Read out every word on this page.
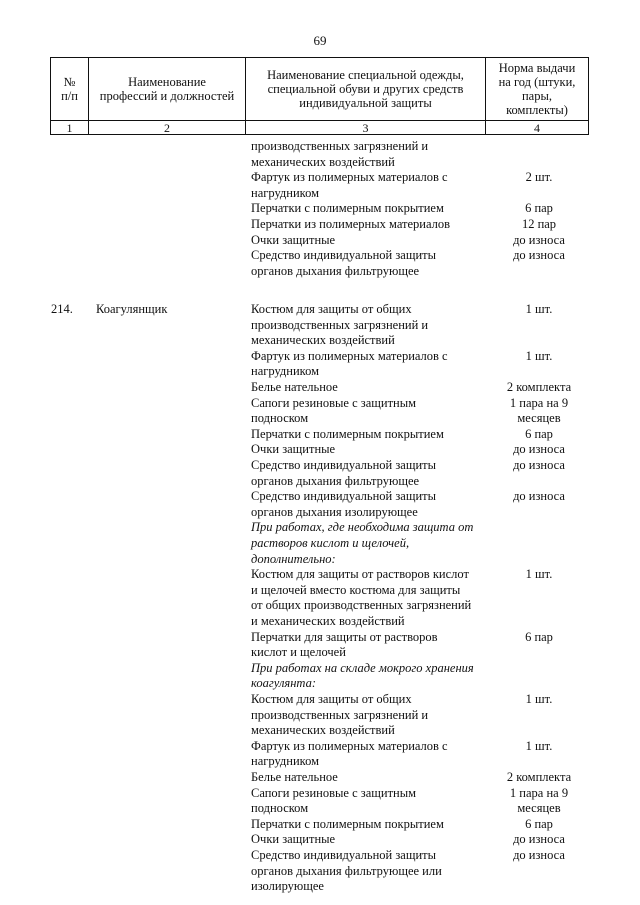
69
№
п/п	Наименование
профессий и должностей	Наименование специальной одежды,
специальной обуви и других средств
индивидуальной защиты	Норма выдачи
на год (штуки,
пары,
комплекты)

1	2	3	4
производственных загрязнений и
механических воздействий
Фартук из полимерных материалов с	2 шт.
нагрудником
Перчатки с полимерным покрытием	6 пар
Перчатки из полимерных материалов	12 пар
Очки защитные	до износа
Средство индивидуальной защиты	до износа
органов дыхания фильтрующее
214.	Коагулянщик	Костюм для защиты от общих	1 шт.
производственных загрязнений и
механических воздействий
Фартук из полимерных материалов с	1 шт.
нагрудником
Белье нательное	2 комплекта
Сапоги резиновые с защитным	1 пара на 9
подноском	месяцев
Перчатки с полимерным покрытием	6 пар
Очки защитные	до износа
Средство индивидуальной защиты	до износа
органов дыхания фильтрующее
Средство индивидуальной защиты	до износа
органов дыхания изолирующее
При работах, где необходима защита от
растворов кислот и щелочей,
дополнительно:
Костюм для защиты от растворов кислот	1 шт.
и щелочей вместо костюма для защиты
от общих производственных загрязнений
и механических воздействий
Перчатки для защиты от растворов	6 пар
кислот и щелочей
При работах на складе мокрого хранения
коагулянта:
Костюм для защиты от общих	1 шт.
производственных загрязнений и
механических воздействий
Фартук из полимерных материалов с	1 шт.
нагрудником
Белье нательное	2 комплекта
Сапоги резиновые с защитным	1 пара на 9
подноском	месяцев
Перчатки с полимерным покрытием	6 пар
Очки защитные	до износа
Средство индивидуальной защиты	до износа
органов дыхания фильтрующее или
изолирующее
